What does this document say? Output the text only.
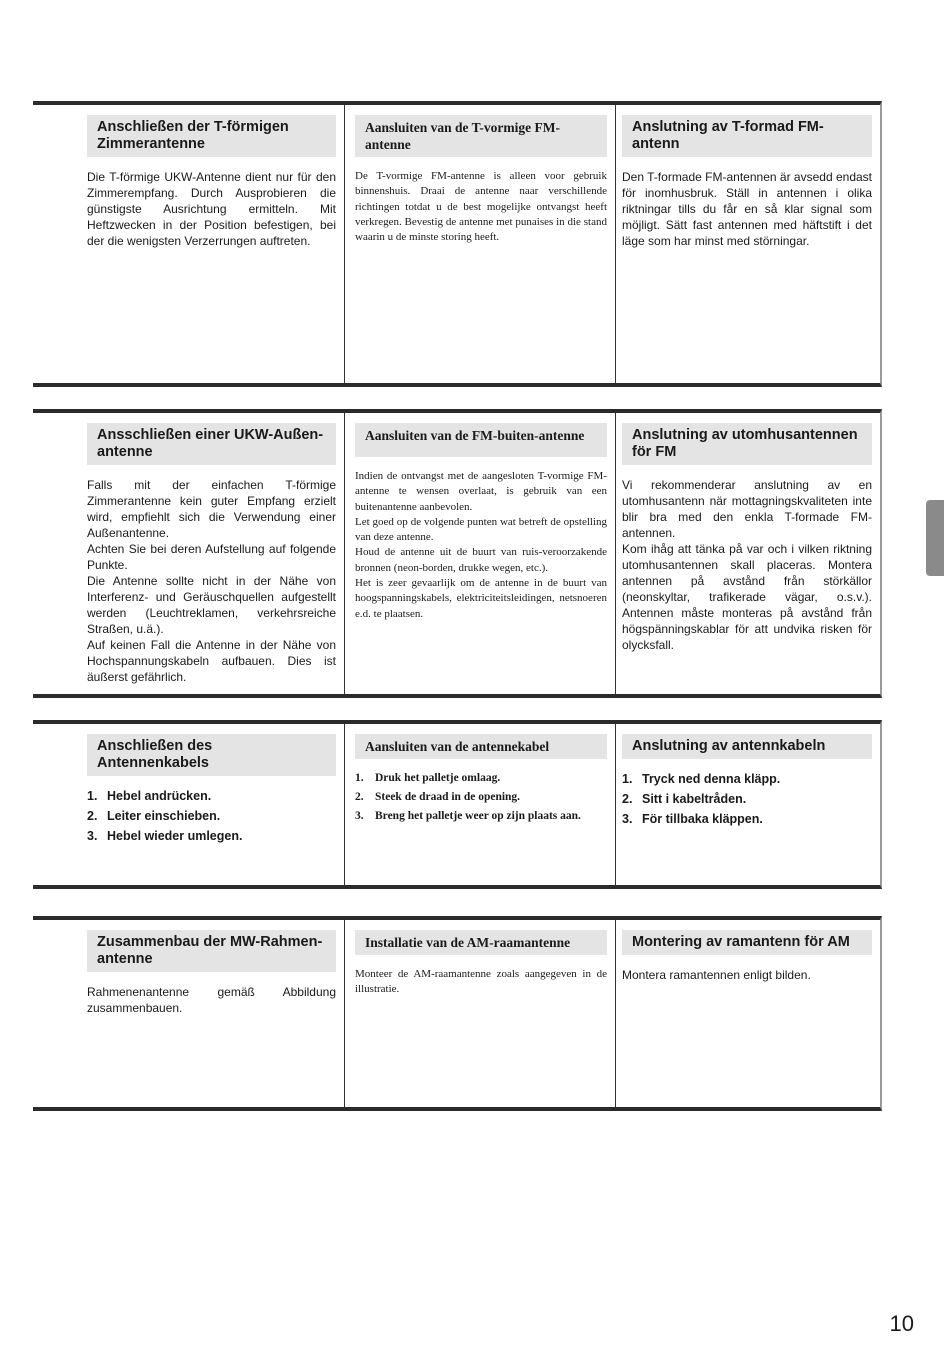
Anschließen der T-förmigen Zimmerantenne

Die T-förmige UKW-Antenne dient nur für den Zimmerempfang. Durch Ausprobieren die günstigste Ausrichtung ermitteln. Mit Heftzwecken in der Position befestigen, bei der die wenigsten Verzerrungen auftreten.

Aansluiten van de T-vormige FM-antenne

De T-vormige FM-antenne is alleen voor gebruik binnenshuis. Draai de antenne naar verschillende richtingen totdat u de best mogelijke ontvangst heeft verkregen. Bevestig de antenne met punaises in die stand waarin u de minste storing heeft.

Anslutning av T-formad FM-antenn

Den T-formade FM-antennen är avsedd endast för inomhusbruk. Ställ in antennen i olika riktningar tills du får en så klar signal som möjligt. Sätt fast antennen med häftstift i det läge som har minst med störningar.

Ansschließen einer UKW-Außen-antenne

Falls mit der einfachen T-förmige Zimmerantenne kein guter Empfang erzielt wird, empfiehlt sich die Verwendung einer Außenantenne.

Achten Sie bei deren Aufstellung auf folgende Punkte.

Die Antenne sollte nicht in der Nähe von Interferenz- und Geräuschquellen aufgestellt werden (Leuchtreklamen, verkehrsreiche Straßen, u.ä.).

Auf keinen Fall die Antenne in der Nähe von Hochspannungskabeln aufbauen. Dies ist äußerst gefährlich.

Aansluiten van de FM-buiten-antenne

Indien de ontvangst met de aangesloten T-vormige FM-antenne te wensen overlaat, is gebruik van een buitenantenne aanbevolen.

Let goed op de volgende punten wat betreft de opstelling van deze antenne.

Houd de antenne uit de buurt van ruis-veroorzakende bronnen (neon-borden, drukke wegen, etc.).

Het is zeer gevaarlijk om de antenne in de buurt van hoogspanningskabels, elektriciteitsleidingen, netsnoeren e.d. te plaatsen.

Anslutning av utomhusantennen för FM

Vi rekommenderar anslutning av en utomhusantenn när mottagningskvaliteten inte blir bra med den enkla T-formade FM-antennen.

Kom ihåg att tänka på var och i vilken riktning utomhusantennen skall placeras. Montera antennen på avstånd från störkällor (neonskyltar, trafikerade vägar, o.s.v.). Antennen måste monteras på avstånd från högspänningskablar för att undvika risken för olycksfall.

Anschließen des Antennenkabels
1. Hebel andrücken.
2. Leiter einschieben.
3. Hebel wieder umlegen.
Aansluiten van de antennekabel
1. Druk het palletje omlaag.
2. Steek de draad in de opening.
3. Breng het palletje weer op zijn plaats aan.
Anslutning av antennkabeln
1. Tryck ned denna kläpp.
2. Sitt i kabeltråden.
3. För tillbaka kläppen.
Zusammenbau der MW-Rahmen-antenne

Rahmenenantenne gemäß Abbildung zusammenbauen.

Installatie van de AM-raamantenne

Monteer de AM-raamantenne zoals aangegeven in de illustratie.

Montering av ramantenn för AM

Montera ramantennen enligt bilden.

10
